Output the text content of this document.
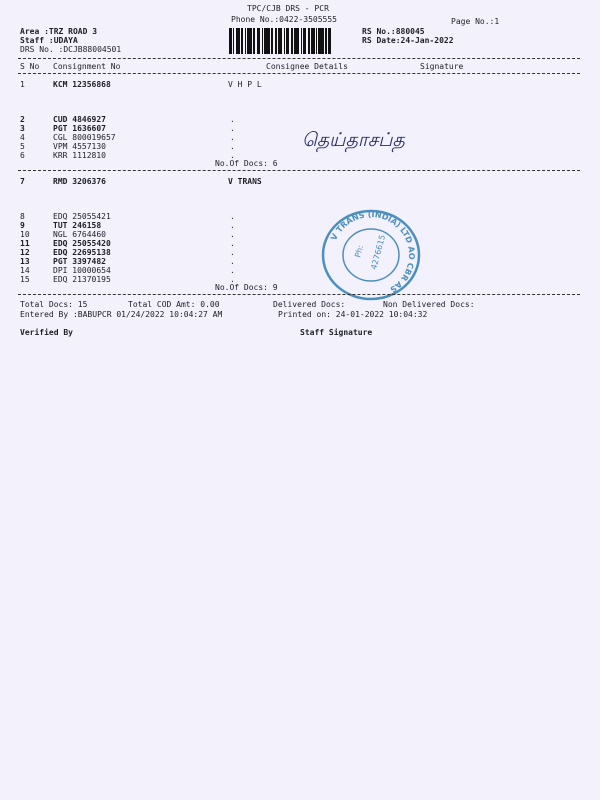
TPC/CJB DRS - PCR
Phone No.:0422-3505555	Page No.:1
Area :TRZ ROAD 3
Staff :UDAYA
DRS No. :DCJB88004501
RS No.:880045
RS Date:24-Jan-2022
S No Consignment No	Consignee Details	Signature
1	KCM 12356868	V H P L
2	CUD 4846927	.
3	PGT 1636607	.
4	CGL 800019657	.
5	VPM 4557130	.
6	KRR 1112810	.
No.Of Docs: 6
தெய்தாசப்த
7	RMD 3206376	V TRANS
8	EDQ 25055421	.
9	TUT 246158	.
10	NGL 6764460	.
11	EDQ 25055420	.
12	EDQ 22695138	.
13	PGT 3397482	.
14	DPI 10000654	.
15	EDQ 21370195	.
No.Of Docs: 9
V TRANS (INDIA) LTD AO CBR AS
Ph: 4276615
Total Docs: 15	Total COD Amt: 0.00	Delivered Docs:	Non Delivered Docs:
Entered By :BABUPCR 01/24/2022 10:04:27 AM	Printed on: 24-01-2022 10:04:32
Verified By	Staff Signature
